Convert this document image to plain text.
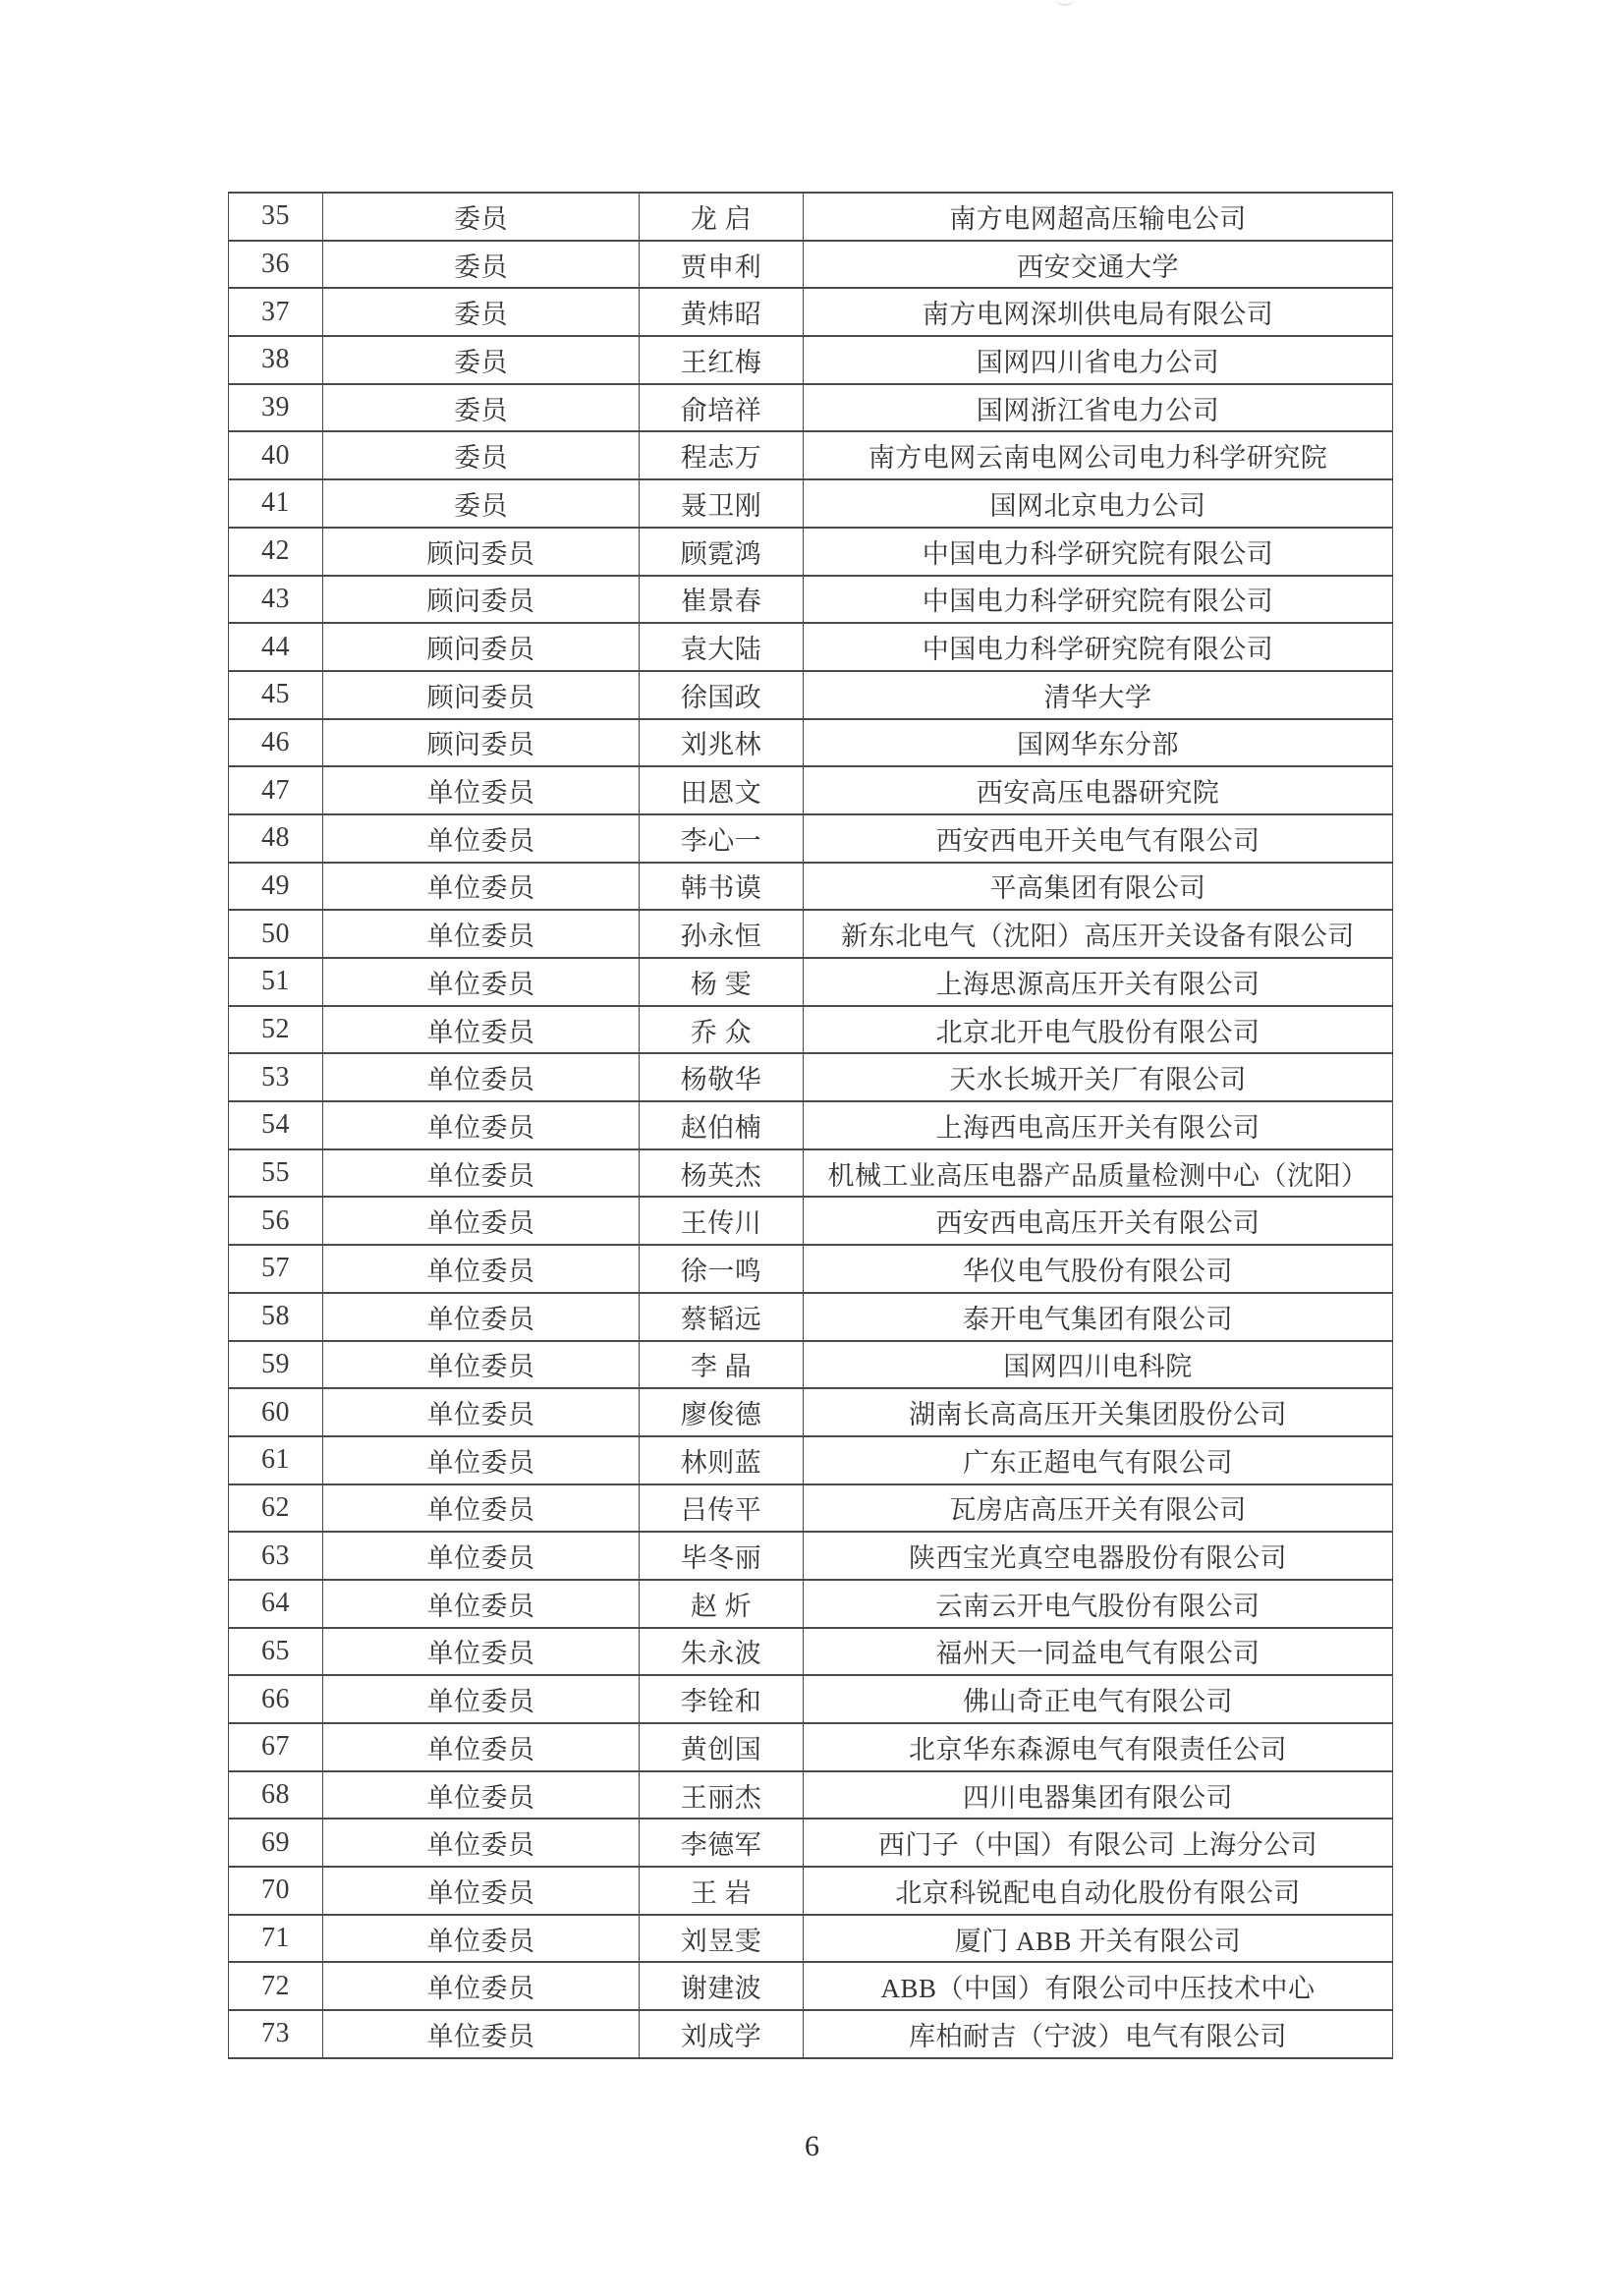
35	委员	龙 启	南方电网超高压输电公司
36	委员	贾申利	西安交通大学
37	委员	黄炜昭	南方电网深圳供电局有限公司
38	委员	王红梅	国网四川省电力公司
39	委员	俞培祥	国网浙江省电力公司
40	委员	程志万	南方电网云南电网公司电力科学研究院
41	委员	聂卫刚	国网北京电力公司
42	顾问委员	顾霓鸿	中国电力科学研究院有限公司
43	顾问委员	崔景春	中国电力科学研究院有限公司
44	顾问委员	袁大陆	中国电力科学研究院有限公司
45	顾问委员	徐国政	清华大学
46	顾问委员	刘兆林	国网华东分部
47	单位委员	田恩文	西安高压电器研究院
48	单位委员	李心一	西安西电开关电气有限公司
49	单位委员	韩书谟	平高集团有限公司
50	单位委员	孙永恒	新东北电气（沈阳）高压开关设备有限公司
51	单位委员	杨 雯	上海思源高压开关有限公司
52	单位委员	乔 众	北京北开电气股份有限公司
53	单位委员	杨敬华	天水长城开关厂有限公司
54	单位委员	赵伯楠	上海西电高压开关有限公司
55	单位委员	杨英杰	机械工业高压电器产品质量检测中心（沈阳）
56	单位委员	王传川	西安西电高压开关有限公司
57	单位委员	徐一鸣	华仪电气股份有限公司
58	单位委员	蔡韬远	泰开电气集团有限公司
59	单位委员	李 晶	国网四川电科院
60	单位委员	廖俊德	湖南长高高压开关集团股份公司
61	单位委员	林则蓝	广东正超电气有限公司
62	单位委员	吕传平	瓦房店高压开关有限公司
63	单位委员	毕冬丽	陕西宝光真空电器股份有限公司
64	单位委员	赵 炘	云南云开电气股份有限公司
65	单位委员	朱永波	福州天一同益电气有限公司
66	单位委员	李铨和	佛山奇正电气有限公司
67	单位委员	黄创国	北京华东森源电气有限责任公司
68	单位委员	王丽杰	四川电器集团有限公司
69	单位委员	李德军	西门子（中国）有限公司 上海分公司
70	单位委员	王 岩	北京科锐配电自动化股份有限公司
71	单位委员	刘昱雯	厦门 ABB 开关有限公司
72	单位委员	谢建波	ABB（中国）有限公司中压技术中心
73	单位委员	刘成学	库柏耐吉（宁波）电气有限公司
6
